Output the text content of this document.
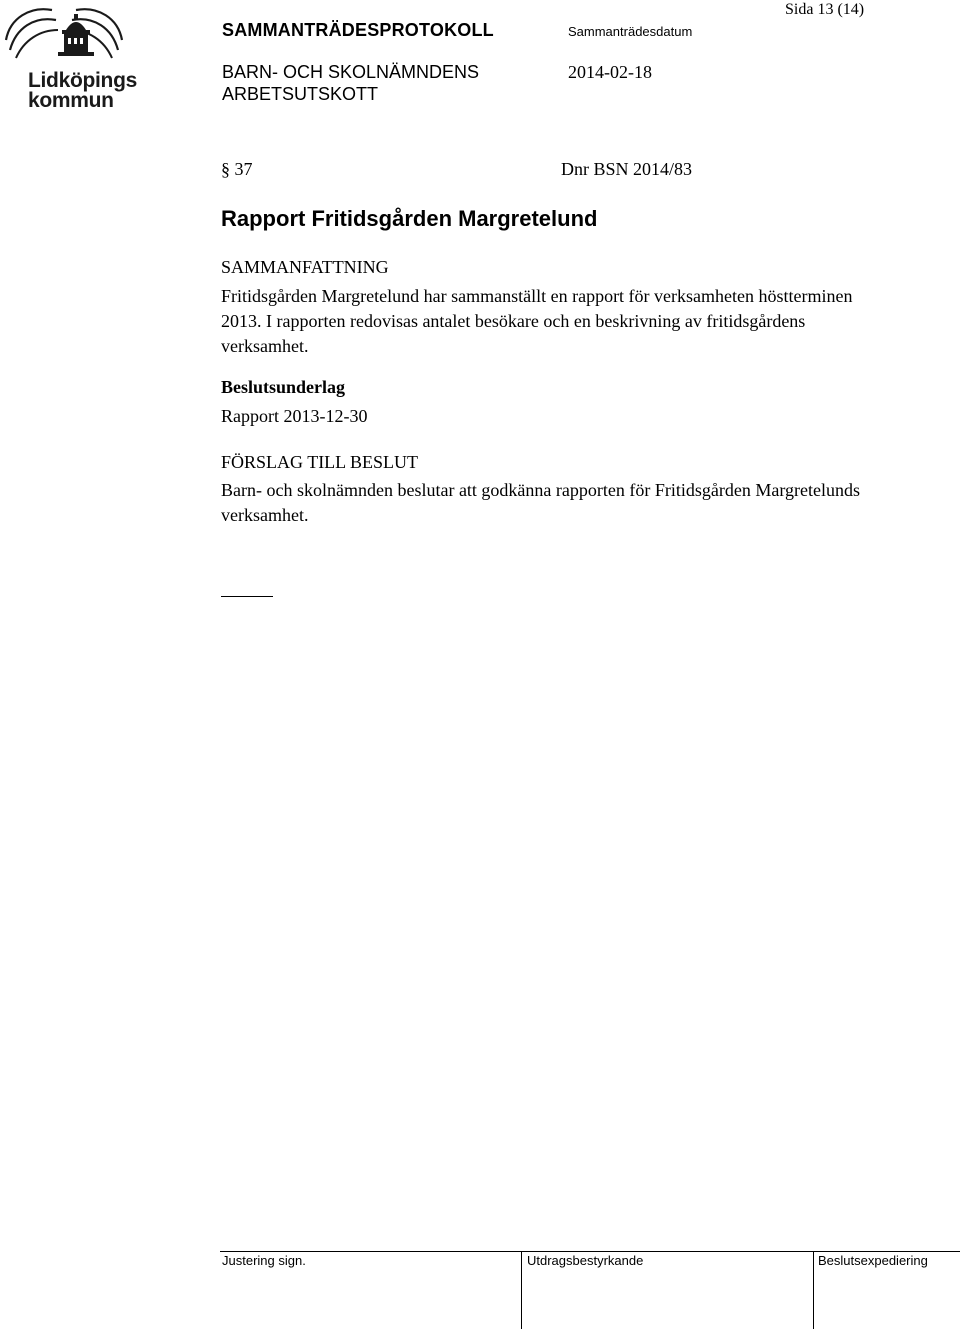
Lidköpings
kommun
SAMMANTRÄDESPROTOKOLL	Sammanträdesdatum
Sida 13 (14)
BARN- OCH SKOLNÄMNDENS
ARBETSUTSKOTT
2014-02-18
§ 37	Dnr BSN 2014/83
Rapport Fritidsgården Margretelund
SAMMANFATTNING
Fritidsgården Margretelund har sammanställt en rapport för verksamheten höstterminen 2013. I rapporten redovisas antalet besökare och en beskrivning av fritidsgårdens verksamhet.
Beslutsunderlag
Rapport 2013-12-30
FÖRSLAG TILL BESLUT
Barn- och skolnämnden beslutar att godkänna rapporten för Fritidsgården Margretelunds verksamhet.
Justering sign.	Utdragsbestyrkande	Beslutsexpediering
